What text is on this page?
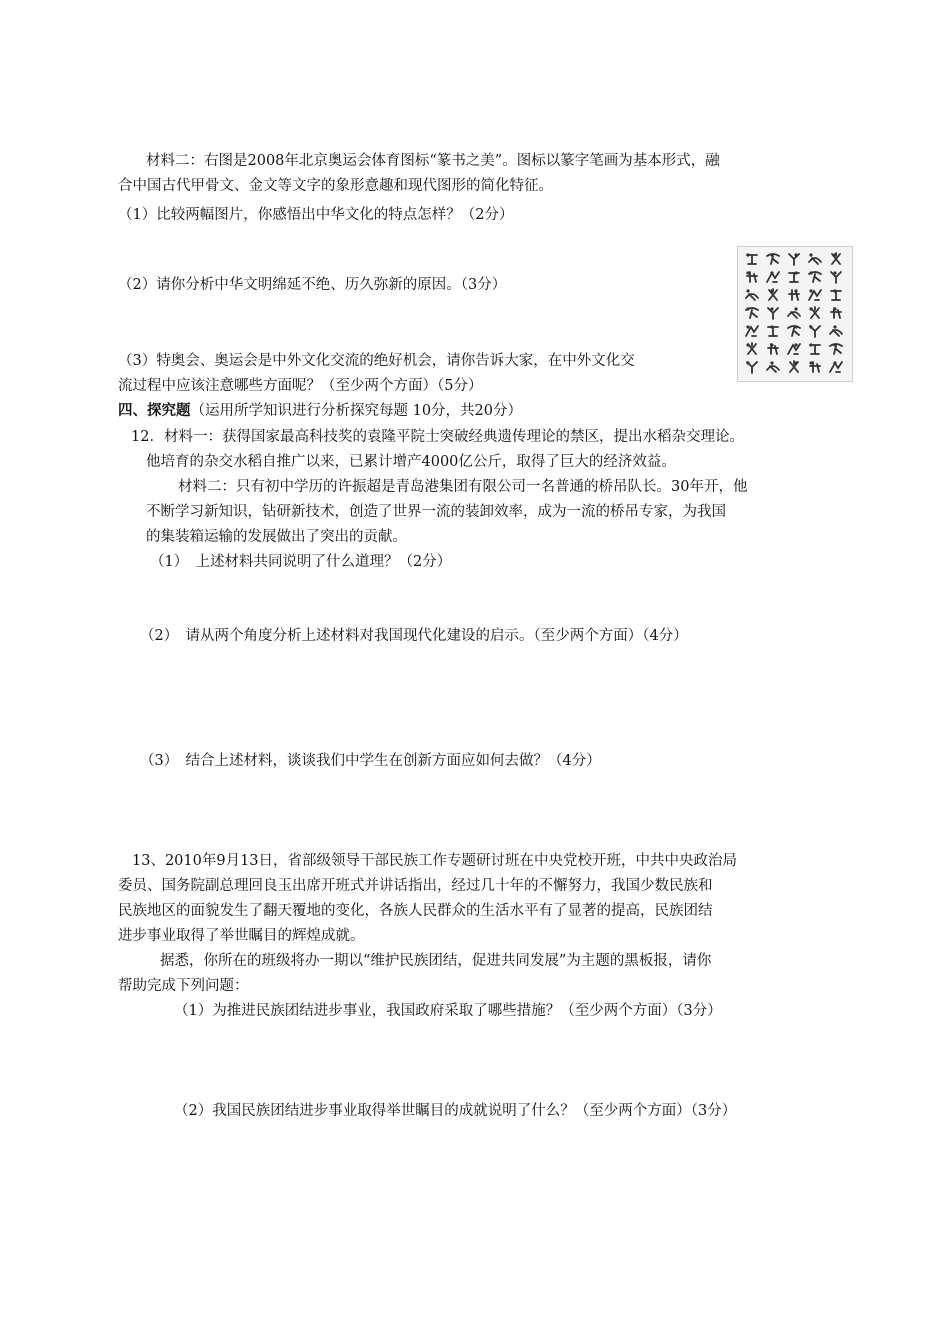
材料二：右图是2008年北京奥运会体育图标“篆书之美”。图标以篆字笔画为基本形式，融
合中国古代甲骨文、金文等文字的象形意趣和现代图形的简化特征。
（1）比较两幅图片，你感悟出中华文化的特点怎样？（2分）
（2）请你分析中华文明绵延不绝、历久弥新的原因。（3分）
（3）特奥会、奥运会是中外文化交流的绝好机会，请你告诉大家，在中外文化交
流过程中应该注意哪些方面呢？（至少两个方面）（5分）
四、探究题（运用所学知识进行分析探究每题 10分，共20分）
12．材料一：获得国家最高科技奖的袁隆平院士突破经典遗传理论的禁区，提出水稻杂交理论。
他培育的杂交水稻自推广以来，已累计增产4000亿公斤，取得了巨大的经济效益。
材料二：只有初中学历的许振超是青岛港集团有限公司一名普通的桥吊队长。30年开，他
不断学习新知识，钻研新技术，创造了世界一流的装卸效率，成为一流的桥吊专家，为我国
的集装箱运输的发展做出了突出的贡献。
（1）　上述材料共同说明了什么道理？（2分）
（2）　请从两个角度分析上述材料对我国现代化建设的启示。（至少两个方面）（4分）
（3）　结合上述材料，谈谈我们中学生在创新方面应如何去做？（4分）
13、2010年9月13日，省部级领导干部民族工作专题研讨班在中央党校开班，中共中央政治局
委员、国务院副总理回良玉出席开班式并讲话指出，经过几十年的不懈努力，我国少数民族和
民族地区的面貌发生了翻天覆地的变化，各族人民群众的生活水平有了显著的提高，民族团结
进步事业取得了举世瞩目的辉煌成就。
据悉，你所在的班级将办一期以“维护民族团结，促进共同发展”为主题的黑板报，请你
帮助完成下列问题：
（1）为推进民族团结进步事业，我国政府采取了哪些措施？（至少两个方面）（3分）
（2）我国民族团结进步事业取得举世瞩目的成就说明了什么？（至少两个方面）（3分）
